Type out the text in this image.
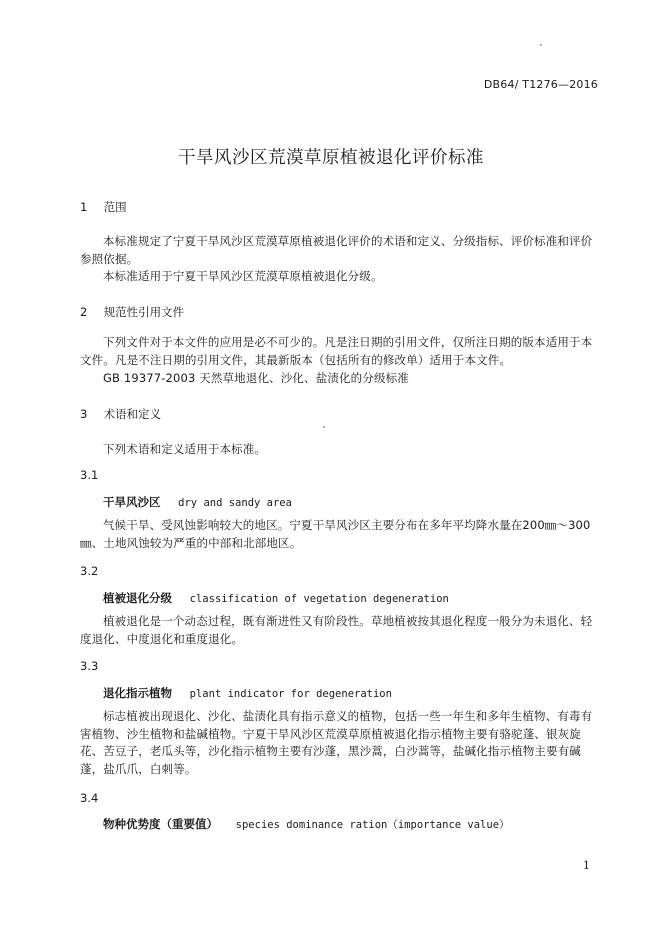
DB64/ T1276—2016
干旱风沙区荒漠草原植被退化评价标准
1 范围
本标准规定了宁夏干旱风沙区荒漠草原植被退化评价的术语和定义、分级指标、评价标准和评价参照依据。
本标准适用于宁夏干旱风沙区荒漠草原植被退化分级。
2 规范性引用文件
下列文件对于本文件的应用是必不可少的。凡是注日期的引用文件，仅所注日期的版本适用于本文件。凡是不注日期的引用文件，其最新版本（包括所有的修改单）适用于本文件。
GB 19377-2003 天然草地退化、沙化、盐渍化的分级标准
3 术语和定义
下列术语和定义适用于本标准。
3.1
干旱风沙区 dry and sandy area
气候干旱、受风蚀影响较大的地区。宁夏干旱风沙区主要分布在多年平均降水量在200㎜～300㎜、土地风蚀较为严重的中部和北部地区。
3.2
植被退化分级 classification of vegetation degeneration
植被退化是一个动态过程，既有渐进性又有阶段性。草地植被按其退化程度一般分为未退化、轻度退化、中度退化和重度退化。
3.3
退化指示植物 plant indicator for degeneration
标志植被出现退化、沙化、盐渍化具有指示意义的植物，包括一些一年生和多年生植物、有毒有害植物、沙生植物和盐碱植物。宁夏干旱风沙区荒漠草原植被退化指示植物主要有骆驼蓬、银灰旋花、苦豆子，老瓜头等，沙化指示植物主要有沙蓬，黑沙蒿，白沙蒿等，盐碱化指示植物主要有碱蓬，盐爪爪，白刺等。
3.4
物种优势度（重要值） species dominance ration（importance value）
1
